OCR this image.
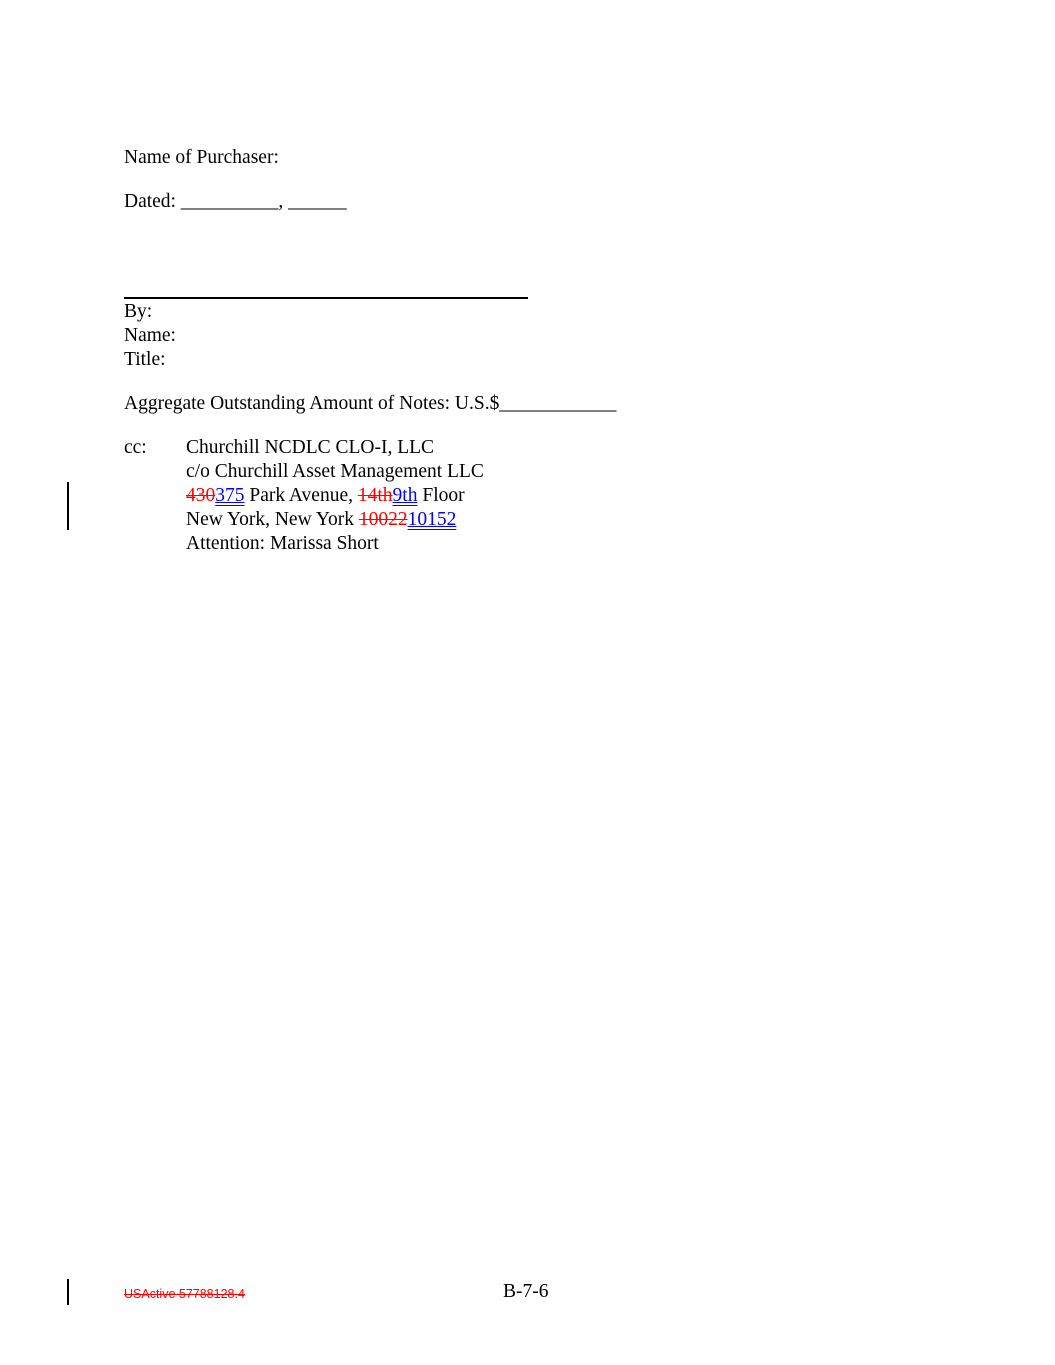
Name of Purchaser:
Dated: __________, ______
By:
Name:
Title:
Aggregate Outstanding Amount of Notes: U.S.$____________
cc: Churchill NCDLC CLO-I, LLC
c/o Churchill Asset Management LLC
430375 Park Avenue, 14th9th Floor
New York, New York 1002210152
Attention: Marissa Short
USActive 57788128.4	B-7-6
